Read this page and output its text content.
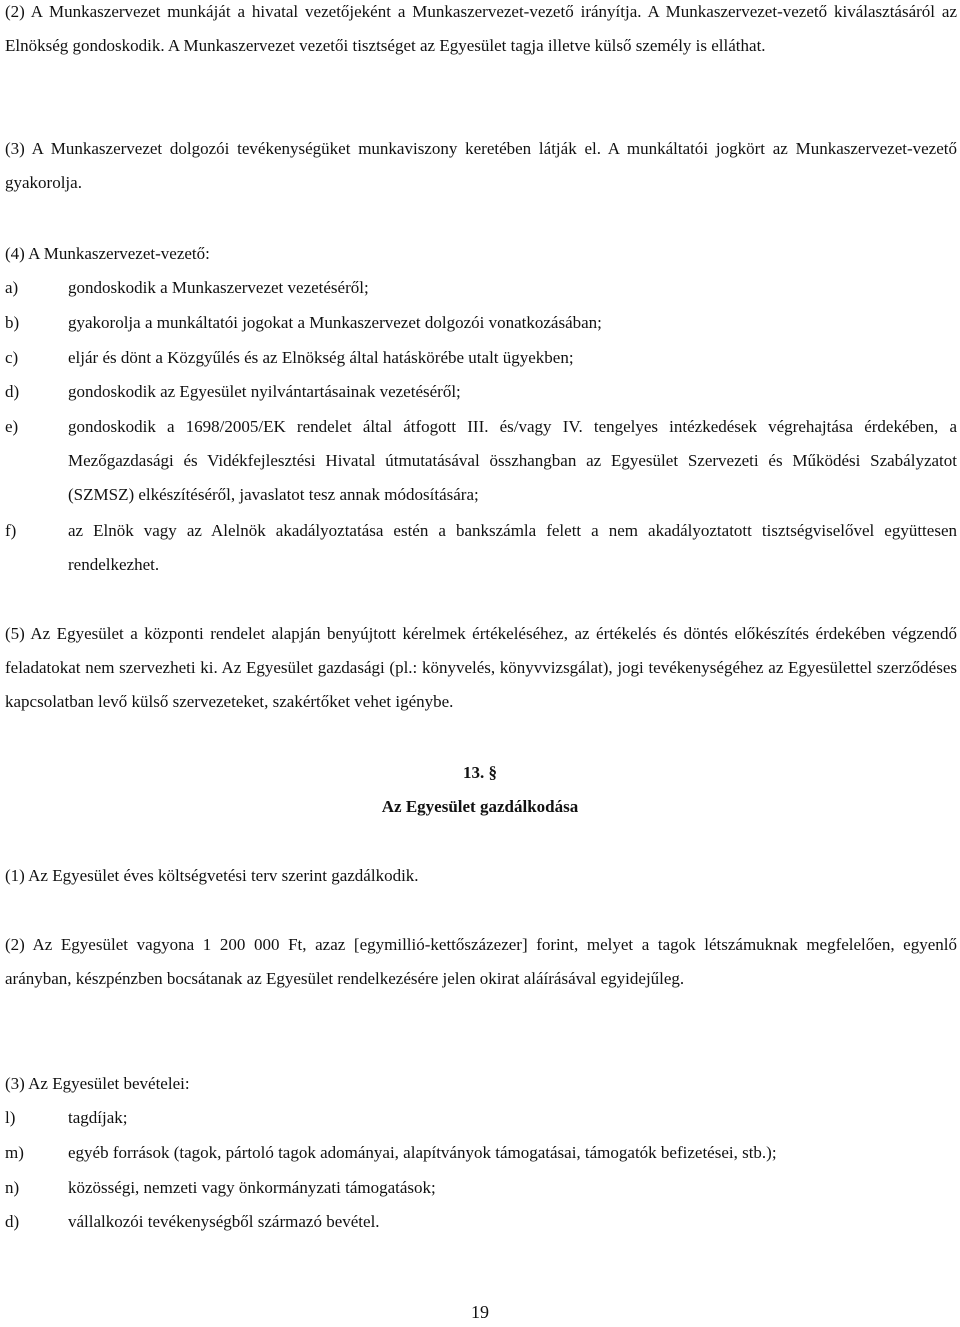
(2) A Munkaszervezet munkáját a hivatal vezetőjeként a Munkaszervezet-vezető irányítja. A Munkaszervezet-vezető kiválasztásáról az Elnökség gondoskodik. A Munkaszervezet vezetői tisztséget az Egyesület tagja illetve külső személy is elláthat.

(3) A Munkaszervezet dolgozói tevékenységüket munkaviszony keretében látják el. A munkáltatói jogkört az Munkaszervezet-vezető gyakorolja.

(4) A Munkaszervezet-vezető:

a)	gondoskodik a Munkaszervezet vezetéséről;
b)	gyakorolja a munkáltatói jogokat a Munkaszervezet dolgozói vonatkozásában;
c)	eljár és dönt a Közgyűlés és az Elnökség által hatáskörébe utalt ügyekben;
d)	gondoskodik az Egyesület nyilvántartásainak vezetéséről;
e)	gondoskodik a 1698/2005/EK rendelet által átfogott III. és/vagy IV. tengelyes intézkedések végrehajtása érdekében, a Mezőgazdasági és Vidékfejlesztési Hivatal útmutatásával összhangban az Egyesület Szervezeti és Működési Szabályzatot (SZMSZ) elkészítéséről, javaslatot tesz annak módosítására;
f)	az Elnök vagy az Alelnök akadályoztatása estén a bankszámla felett a nem akadályoztatott tisztségviselővel együttesen rendelkezhet.

(5) Az Egyesület a központi rendelet alapján benyújtott kérelmek értékeléséhez, az értékelés és döntés előkészítés érdekében végzendő feladatokat nem szervezheti ki. Az Egyesület gazdasági (pl.: könyvelés, könyvvizsgálat), jogi tevékenységéhez az Egyesülettel szerződéses kapcsolatban levő külső szervezeteket, szakértőket vehet igénybe.

13. §
Az Egyesület gazdálkodása

(1) Az Egyesület éves költségvetési terv szerint gazdálkodik.

(2) Az Egyesület vagyona 1 200 000 Ft, azaz [egymillió-kettőszázezer] forint, melyet a tagok létszámuknak megfelelően, egyenlő arányban, készpénzben bocsátanak az Egyesület rendelkezésére jelen okirat aláírásával egyidejűleg.

(3) Az Egyesület bevételei:

l)	tagdíjak;
m)	egyéb források (tagok, pártoló tagok adományai, alapítványok támogatásai, támogatók befizetései, stb.);
n)	közösségi, nemzeti vagy önkormányzati támogatások;
d)	vállalkozói tevékenységből származó bevétel.
19
